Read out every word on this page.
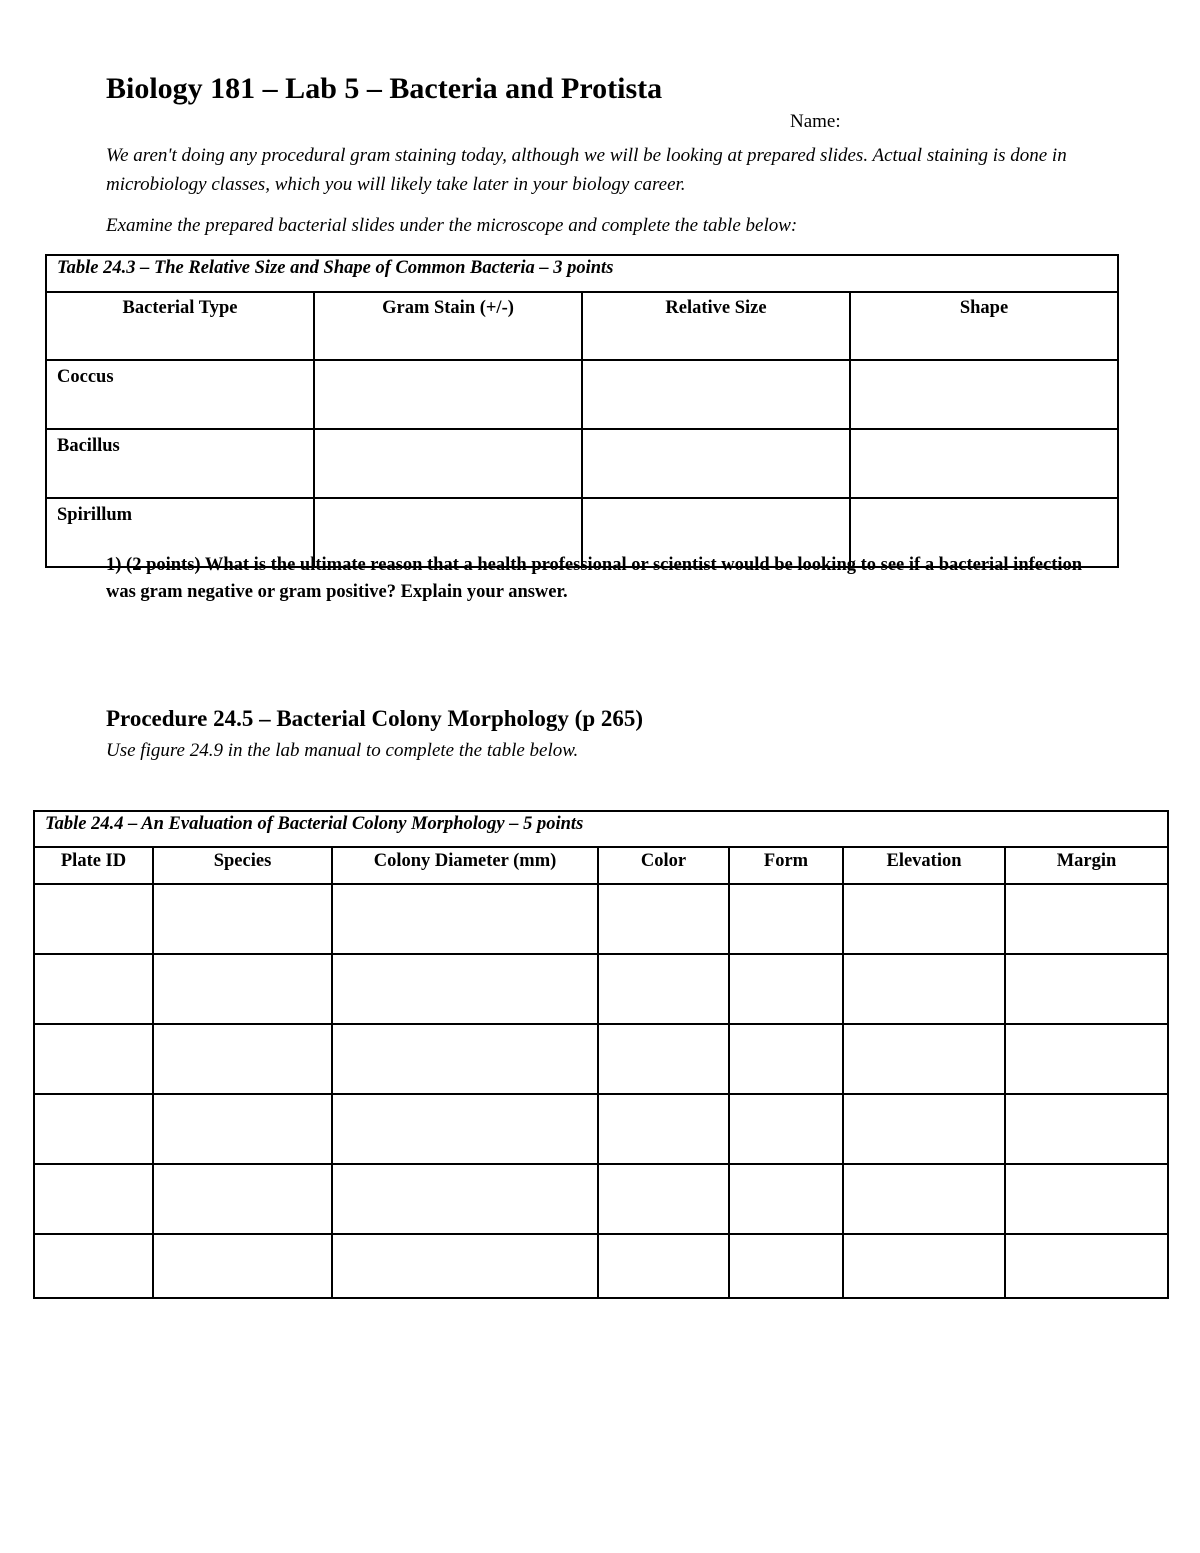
Biology 181 – Lab 5 – Bacteria and Protista
Name:
We aren't doing any procedural gram staining today, although we will be looking at prepared slides. Actual staining is done in microbiology classes, which you will likely take later in your biology career.
Examine the prepared bacterial slides under the microscope and complete the table below:
Table 24.3 – The Relative Size and Shape of Common Bacteria – 3 points			
Bacterial Type	Gram Stain (+/-)	Relative Size	Shape
Coccus			
Bacillus			
Spirillum			
1) (2 points) What is the ultimate reason that a health professional or scientist would be looking to see if a bacterial infection was gram negative or gram positive? Explain your answer.
Procedure 24.5 – Bacterial Colony Morphology (p 265)
Use figure 24.9 in the lab manual to complete the table below.
Table 24.4 – An Evaluation of Bacterial Colony Morphology – 5 points						
Plate ID	Species	Colony Diameter (mm)	Color	Form	Elevation	Margin
